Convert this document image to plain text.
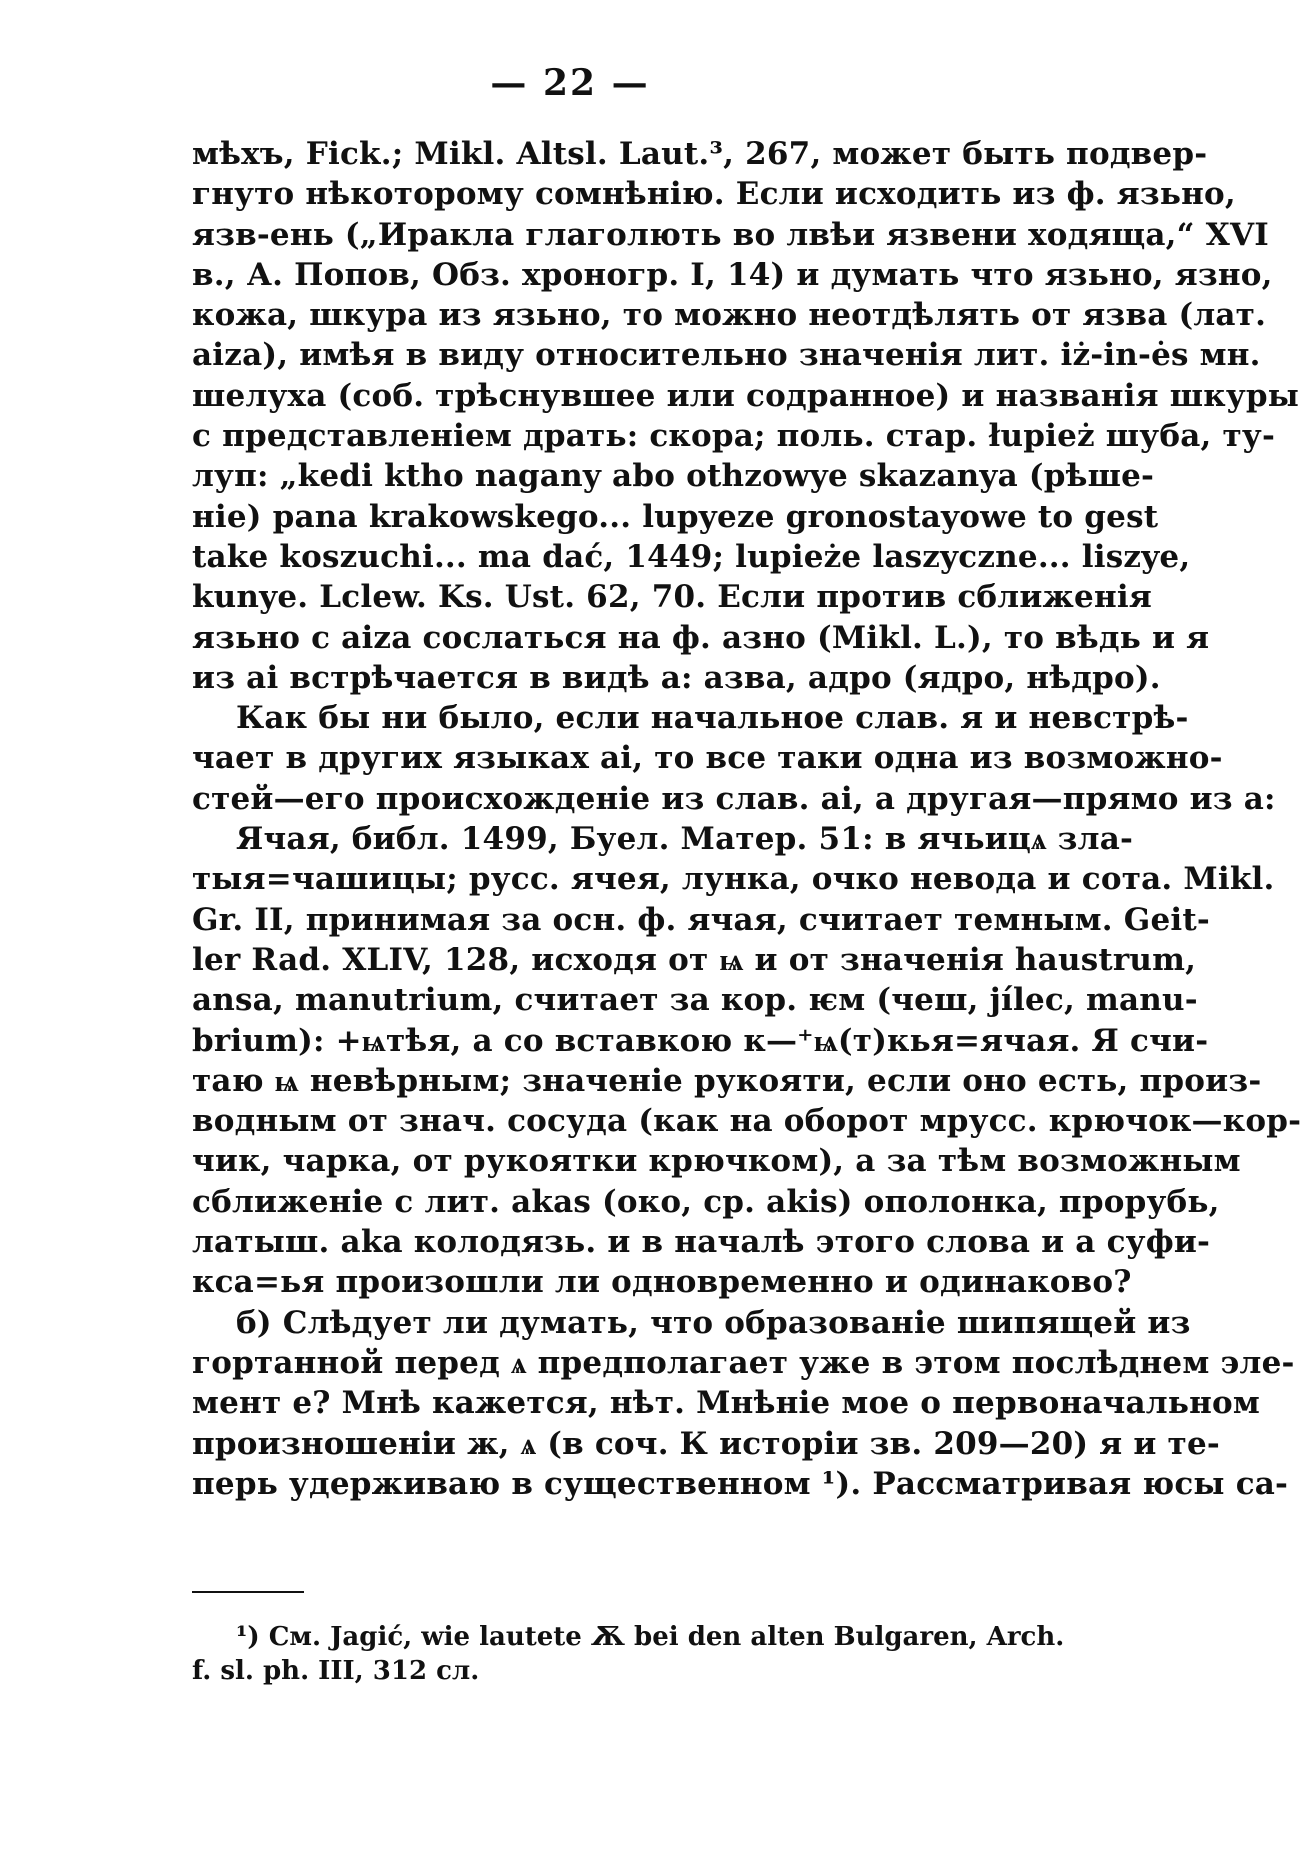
— 22 —
мѣхъ, Fick.; Mikl. Altsl. Laut.³, 267, может быть подвер-
гнуто нѣкоторому сомнѣнію. Если исходить из ф. язьно,
язв-ень („Иракла глаголють во лвѣи язвени ходяща,“ XVI
в., А. Попов, Обз. хроногр. I, 14) и думать что язьно, язно,
кожа, шкура из язьно, то можно неотдѣлять от язва (лат.
aiza), имѣя в виду относительно значенія лит. iż-in-ės мн.
шелуха (соб. трѣснувшее или содранное) и названія шкуры
с представленіем драть: скора; поль. стар. łupież шуба, ту-
луп: „kedi ktho nagany abo othzowye skazanya (рѣше-
ніе) pana krakowskego... lupyeze gronostayowe to gest
take koszuchi... ma dać, 1449; lupieże laszyczne... liszye,
kunye. Lclew. Ks. Ust. 62, 70. Если против сближенія
язьно с aiza сослаться на ф. азно (Mikl. L.), то вѣдь и я
из ai встрѣчается в видѣ а: азва, адро (ядро, нѣдро).
Как бы ни было, если начальное слав. я и невстрѣ-
чает в других языках ai, то все таки одна из возможно-
стей—его происхожденіе из слав. ai, а другая—прямо из a:
Ячая, библ. 1499, Буел. Матер. 51: в ячьицѧ зла-
тыя=чашицы; русс. ячея, лунка, очко невода и сота. Mikl.
Gr. II, принимая за осн. ф. ячая, считает темным. Geit-
ler Rad. XLIV, 128, исходя от ѩ и от значенія haustrum,
ansa, manutrium, считает за кор. ѥм (чеш, jílec, manu-
brium): +ѩтѣя, а со вставкою к—⁺ѩ(т)кья=ячая. Я счи-
таю ѩ невѣрным; значеніе рукояти, если оно есть, произ-
водным от знач. сосуда (как на оборот мрусс. крючок—кор-
чик, чарка, от рукоятки крючком), а за тѣм возможным
сближеніе с лит. akas (око, ср. akis) ополонка, прорубь,
латыш. aka колодязь. и в началѣ этого слова и а суфи-
кса=ья произошли ли одновременно и одинаково?
б) Слѣдует ли думать, что образованіе шипящей из
гортанной перед ѧ предполагает уже в этом послѣднем эле-
мент е? Мнѣ кажется, нѣт. Мнѣніе мое о первоначальном
произношеніи ж, ѧ (в соч. К исторіи зв. 209—20) я и те-
перь удерживаю в существенном ¹). Рассматривая юсы са-
¹) См. Jagić, wie lautete Ѫ bei den alten Bulgaren, Arch.
f. sl. ph. III, 312 сл.
